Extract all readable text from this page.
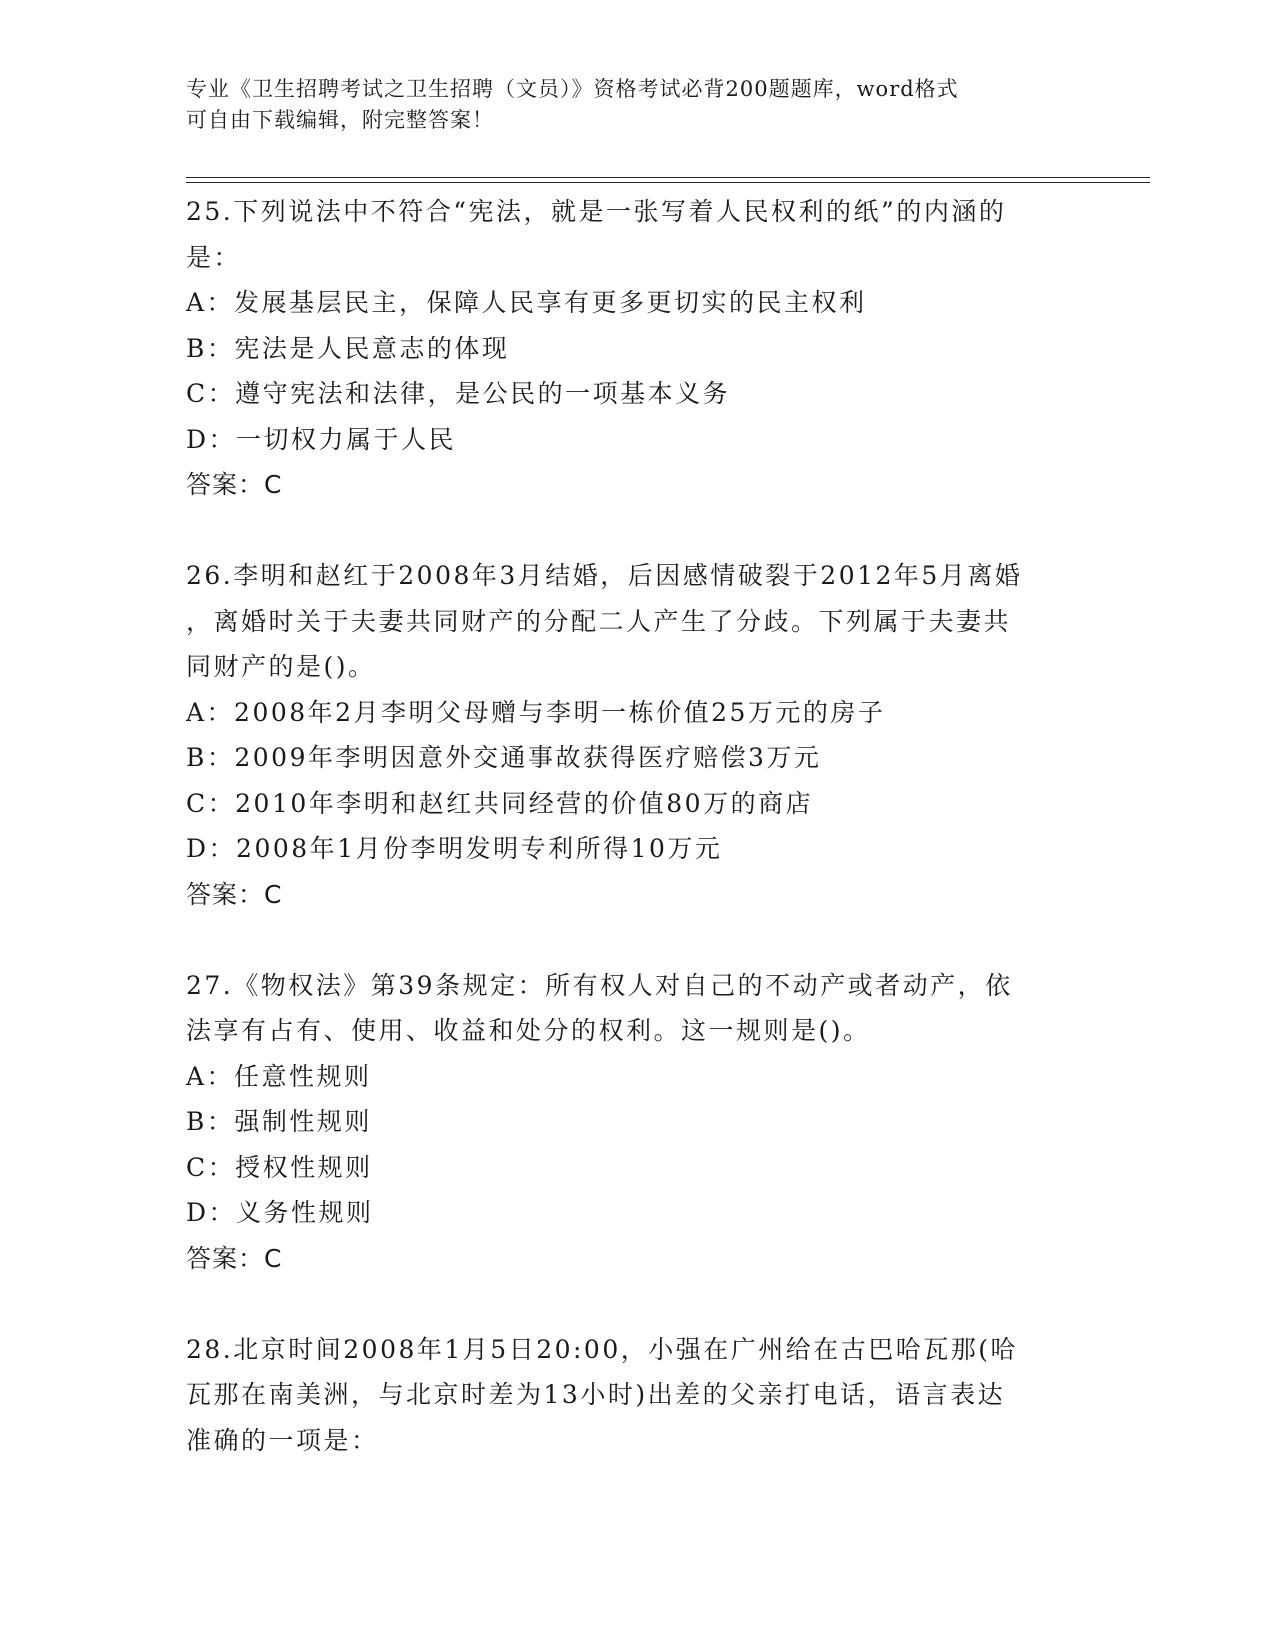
专业《卫生招聘考试之卫生招聘（文员）》资格考试必背200题题库，word格式
可自由下载编辑，附完整答案！
25.下列说法中不符合“宪法，就是一张写着人民权利的纸”的内涵的
是：
A：发展基层民主，保障人民享有更多更切实的民主权利
B：宪法是人民意志的体现
C：遵守宪法和法律，是公民的一项基本义务
D：一切权力属于人民
答案：C
26.李明和赵红于2008年3月结婚，后因感情破裂于2012年5月离婚
，离婚时关于夫妻共同财产的分配二人产生了分歧。下列属于夫妻共
同财产的是()。
A：2008年2月李明父母赠与李明一栋价值25万元的房子
B：2009年李明因意外交通事故获得医疗赔偿3万元
C：2010年李明和赵红共同经营的价值80万的商店
D：2008年1月份李明发明专利所得10万元
答案：C
27.《物权法》第39条规定：所有权人对自己的不动产或者动产，依
法享有占有、使用、收益和处分的权利。这一规则是()。
A：任意性规则
B：强制性规则
C：授权性规则
D：义务性规则
答案：C
28.北京时间2008年1月5日20:00，小强在广州给在古巴哈瓦那(哈
瓦那在南美洲，与北京时差为13小时)出差的父亲打电话，语言表达
准确的一项是：
